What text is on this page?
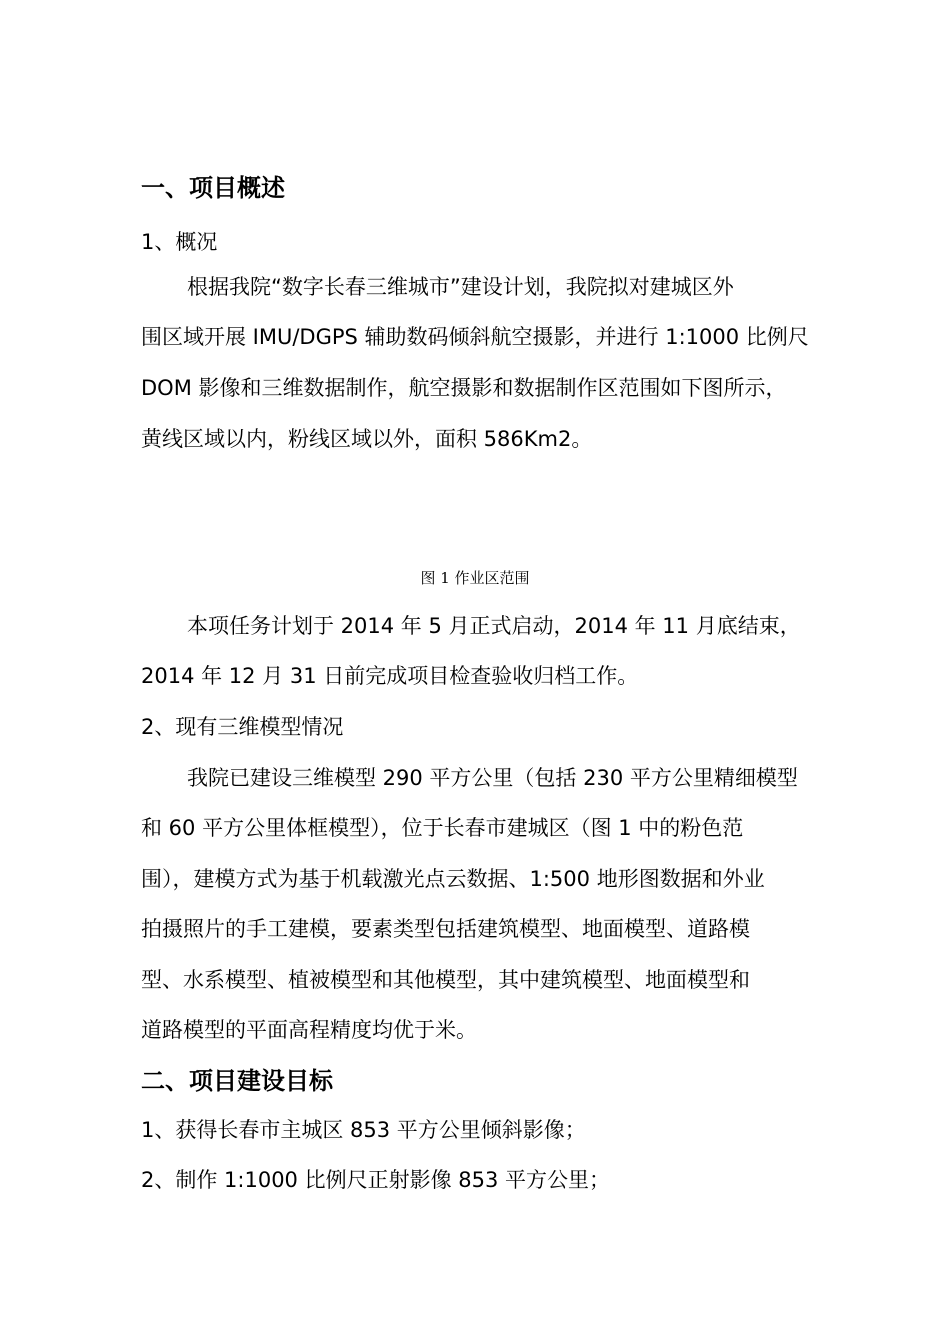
一、项目概述

1、概况

根据我院“数字长春三维城市”建设计划，我院拟对建城区外

围区域开展 IMU/DGPS 辅助数码倾斜航空摄影，并进行 1:1000 比例尺

DOM 影像和三维数据制作，航空摄影和数据制作区范围如下图所示，

黄线区域以内，粉线区域以外，面积 586Km2。

图 1 作业区范围

本项任务计划于 2014 年 5 月正式启动，2014 年 11 月底结束，

2014 年 12 月 31 日前完成项目检查验收归档工作。

2、现有三维模型情况

我院已建设三维模型 290 平方公里（包括 230 平方公里精细模型

和 60 平方公里体框模型），位于长春市建城区（图 1 中的粉色范

围），建模方式为基于机载激光点云数据、1:500 地形图数据和外业

拍摄照片的手工建模，要素类型包括建筑模型、地面模型、道路模

型、水系模型、植被模型和其他模型，其中建筑模型、地面模型和

道路模型的平面高程精度均优于米。

二、项目建设目标

1、获得长春市主城区 853 平方公里倾斜影像；

2、制作 1:1000 比例尺正射影像 853 平方公里；
